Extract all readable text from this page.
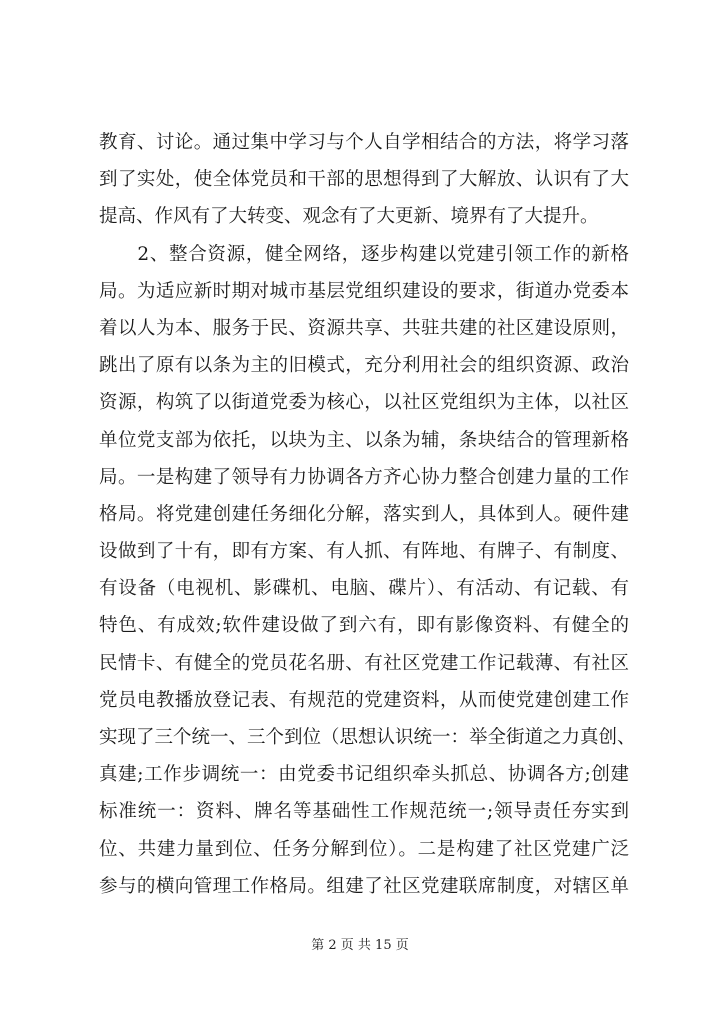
教育、讨论。通过集中学习与个人自学相结合的方法，将学习落
到了实处，使全体党员和干部的思想得到了大解放、认识有了大
提高、作风有了大转变、观念有了大更新、境界有了大提升。
　　2、整合资源，健全网络，逐步构建以党建引领工作的新格
局。为适应新时期对城市基层党组织建设的要求，街道办党委本
着以人为本、服务于民、资源共享、共驻共建的社区建设原则，
跳出了原有以条为主的旧模式，充分利用社会的组织资源、政治
资源，构筑了以街道党委为核心，以社区党组织为主体，以社区
单位党支部为依托，以块为主、以条为辅，条块结合的管理新格
局。一是构建了领导有力协调各方齐心协力整合创建力量的工作
格局。将党建创建任务细化分解，落实到人，具体到人。硬件建
设做到了十有，即有方案、有人抓、有阵地、有牌子、有制度、
有设备（电视机、影碟机、电脑、碟片）、有活动、有记载、有
特色、有成效;软件建设做了到六有，即有影像资料、有健全的
民情卡、有健全的党员花名册、有社区党建工作记载薄、有社区
党员电教播放登记表、有规范的党建资料，从而使党建创建工作
实现了三个统一、三个到位（思想认识统一：举全街道之力真创、
真建;工作步调统一：由党委书记组织牵头抓总、协调各方;创建
标准统一：资料、牌名等基础性工作规范统一;领导责任夯实到
位、共建力量到位、任务分解到位）。二是构建了社区党建广泛
参与的横向管理工作格局。组建了社区党建联席制度，对辖区单
第 2 页 共 15 页
